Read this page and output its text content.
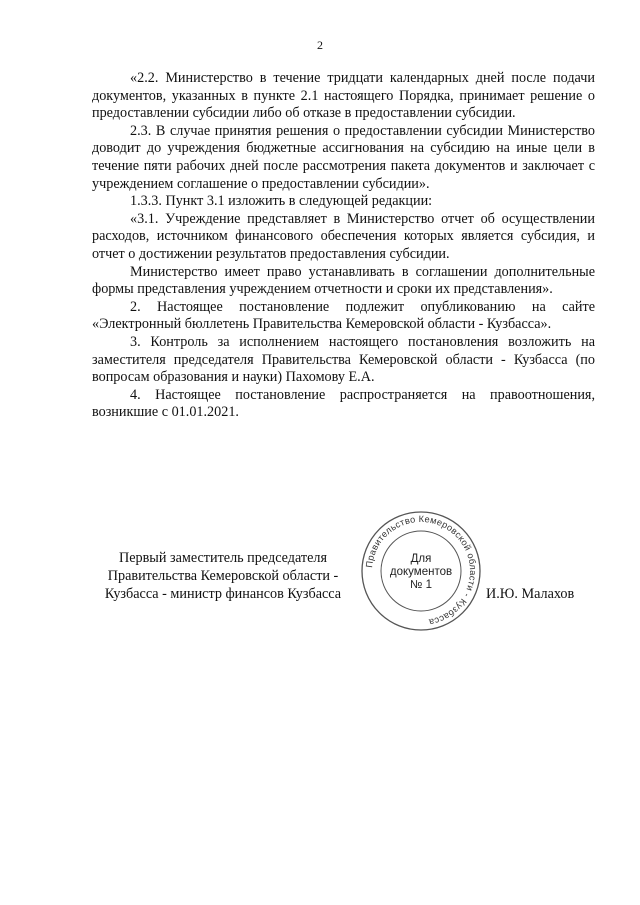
2

«2.2. Министерство в течение тридцати календарных дней после подачи документов, указанных в пункте 2.1 настоящего Порядка, принимает решение о предоставлении субсидии либо об отказе в предоставлении субсидии.

2.3. В случае принятия решения о предоставлении субсидии Министерство доводит до учреждения бюджетные ассигнования на субсидию на иные цели в течение пяти рабочих дней после рассмотрения пакета документов и заключает с учреждением соглашение о предоставлении субсидии».

1.3.3. Пункт 3.1 изложить в следующей редакции:

«3.1. Учреждение представляет в Министерство отчет об осуществлении расходов, источником финансового обеспечения которых является субсидия, и отчет о достижении результатов предоставления субсидии.

Министерство имеет право устанавливать в соглашении дополнительные формы представления учреждением отчетности и сроки их представления».

2. Настоящее постановление подлежит опубликованию на сайте «Электронный бюллетень Правительства Кемеровской области - Кузбасса».

3. Контроль за исполнением настоящего постановления возложить на заместителя председателя Правительства Кемеровской области - Кузбасса (по вопросам образования и науки) Пахомову Е.А.

4. Настоящее постановление распространяется на правоотношения, возникшие с 01.01.2021.

Первый заместитель председателя
Правительства Кемеровской области -
Кузбасса - министр финансов Кузбасса
Правительство Кемеровской области - Кузбасса
Для
документов
№ 1
И.Ю. Малахов
